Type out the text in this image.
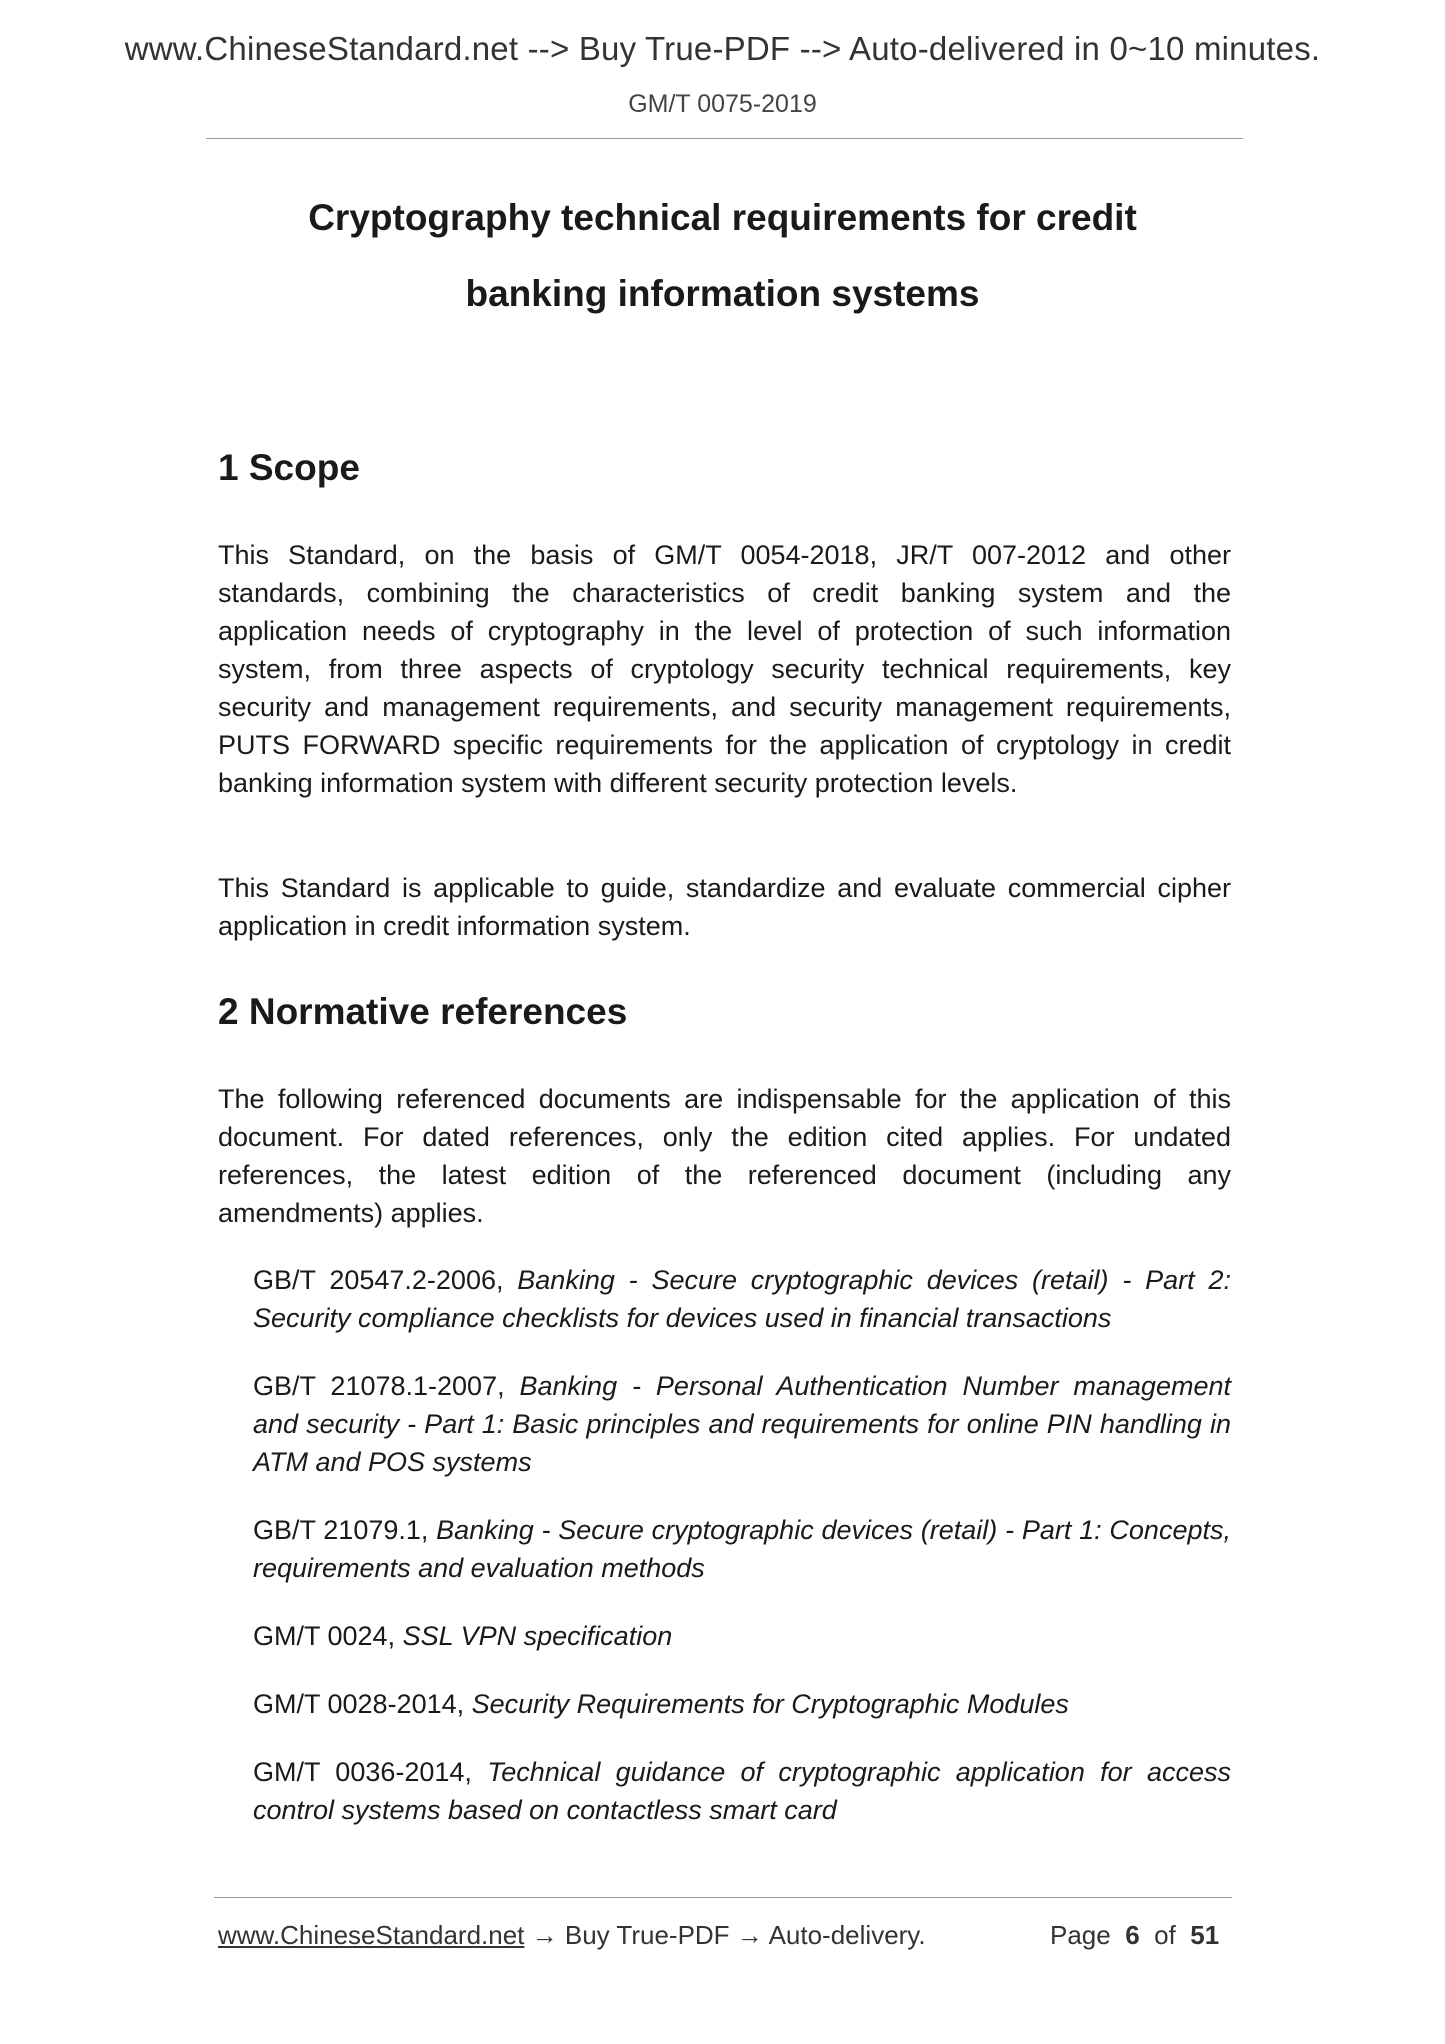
www.ChineseStandard.net --> Buy True-PDF --> Auto-delivered in 0~10 minutes.
GM/T 0075-2019
Cryptography technical requirements for credit
banking information systems
1 Scope
This Standard, on the basis of GM/T 0054-2018, JR/T 007-2012 and other standards, combining the characteristics of credit banking system and the application needs of cryptography in the level of protection of such information system, from three aspects of cryptology security technical requirements, key security and management requirements, and security management requirements, PUTS FORWARD specific requirements for the application of cryptology in credit banking information system with different security protection levels.
This Standard is applicable to guide, standardize and evaluate commercial cipher application in credit information system.
2 Normative references
The following referenced documents are indispensable for the application of this document. For dated references, only the edition cited applies. For undated references, the latest edition of the referenced document (including any amendments) applies.
GB/T 20547.2-2006, Banking - Secure cryptographic devices (retail) - Part 2: Security compliance checklists for devices used in financial transactions
GB/T 21078.1-2007, Banking - Personal Authentication Number management and security - Part 1: Basic principles and requirements for online PIN handling in ATM and POS systems
GB/T 21079.1, Banking - Secure cryptographic devices (retail) - Part 1: Concepts, requirements and evaluation methods
GM/T 0024, SSL VPN specification
GM/T 0028-2014, Security Requirements for Cryptographic Modules
GM/T 0036-2014, Technical guidance of cryptographic application for access control systems based on contactless smart card
www.ChineseStandard.net → Buy True-PDF → Auto-delivery.	Page 6 of 51
